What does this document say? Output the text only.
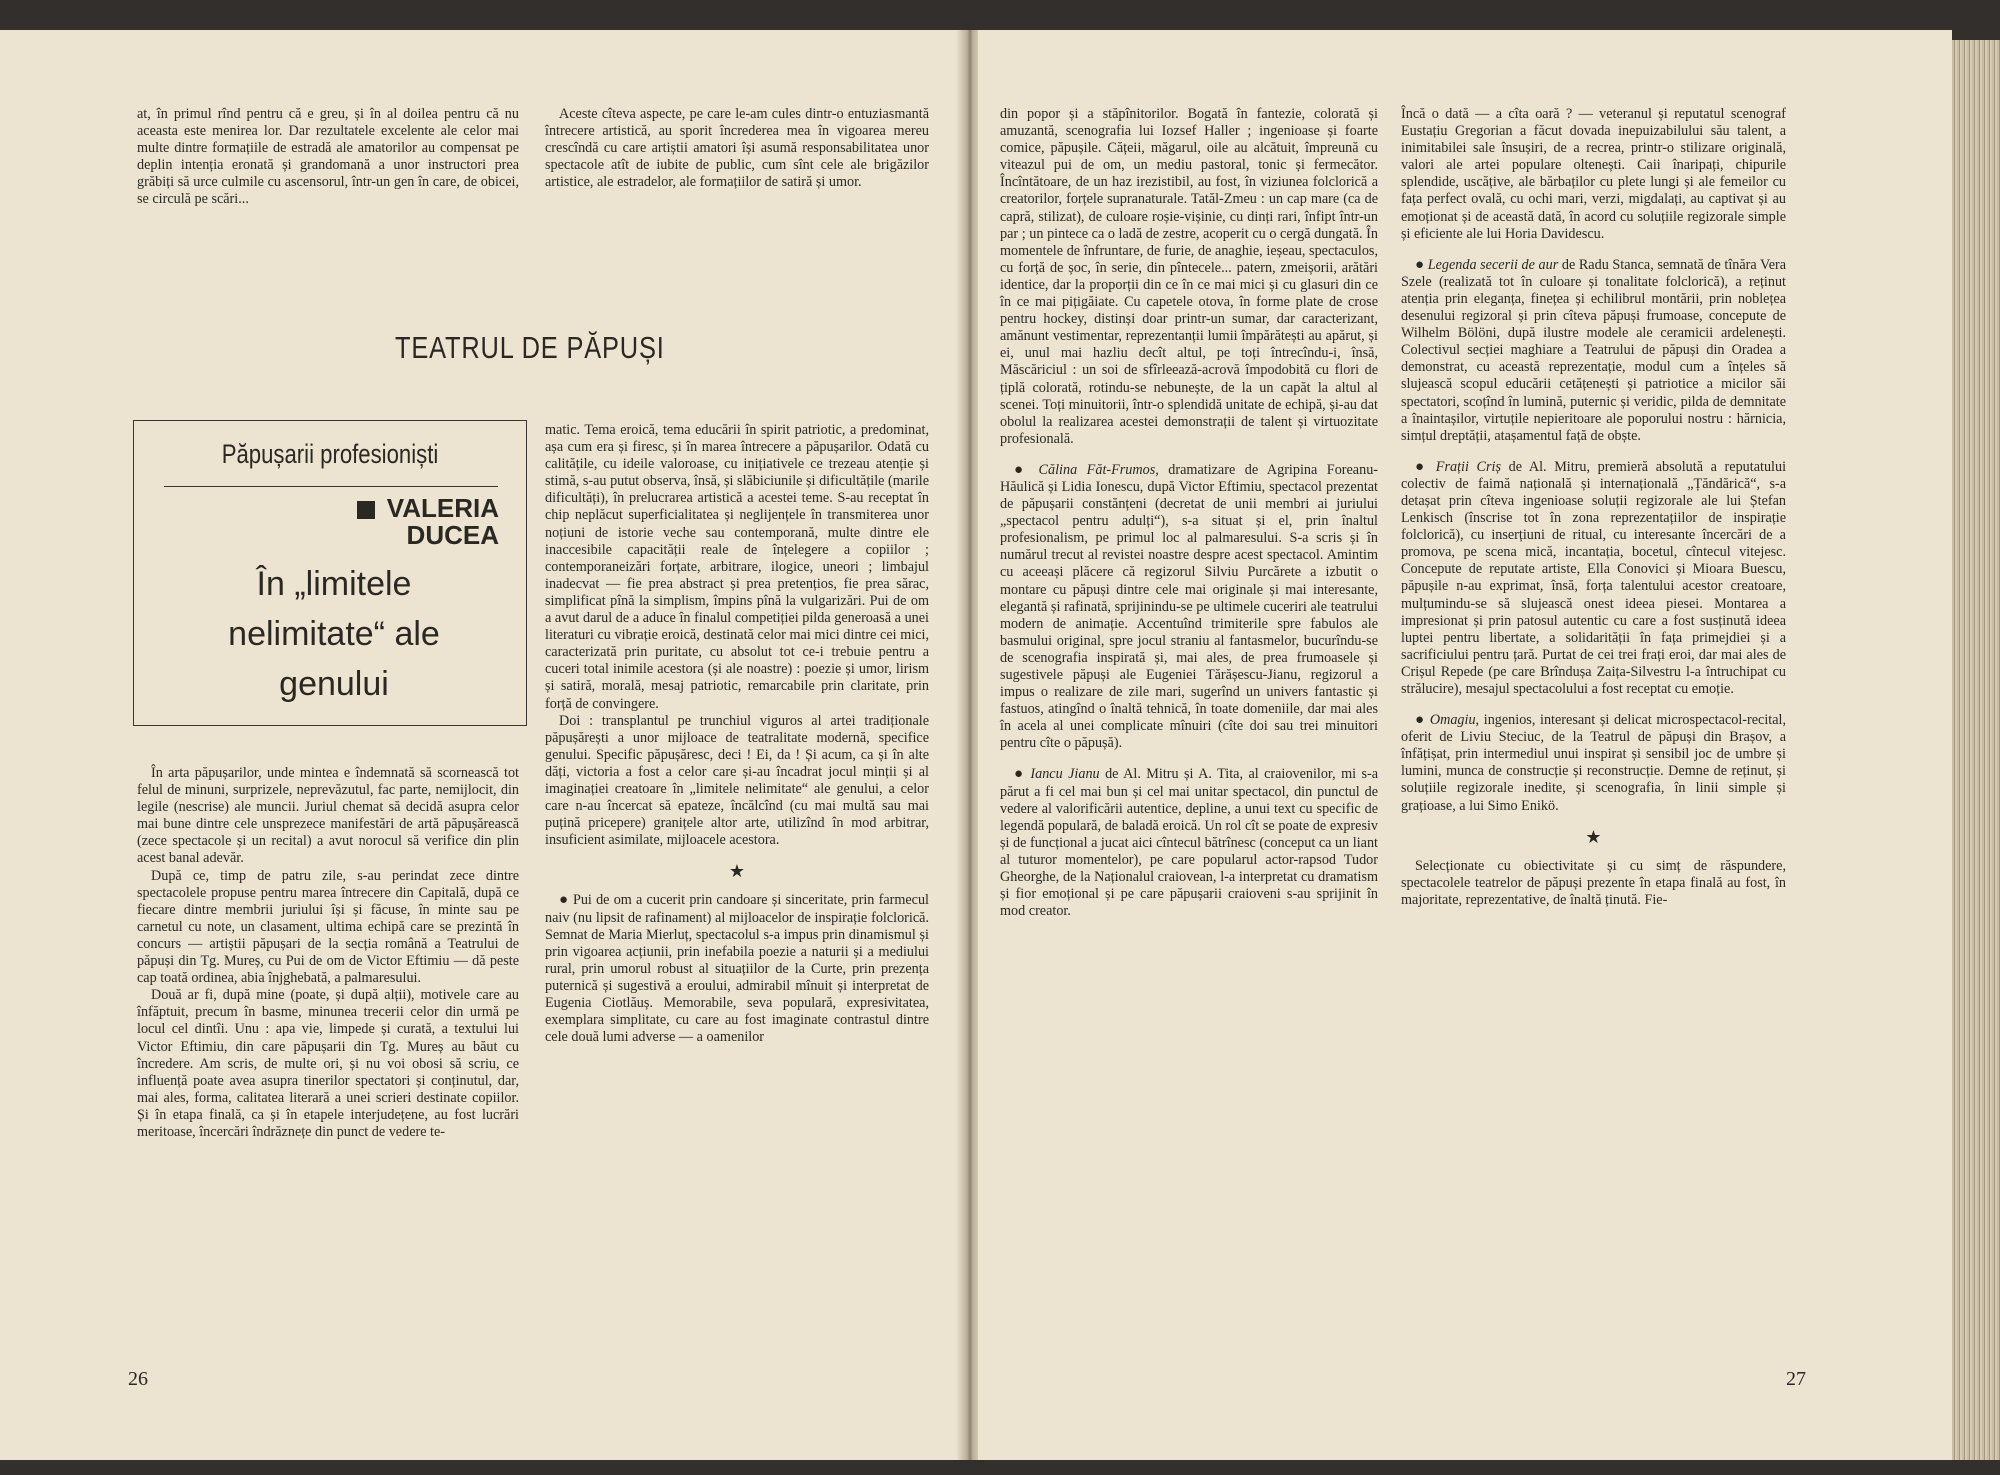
at, în primul rînd pentru că e greu, și în al doilea pentru că nu aceasta este menirea lor. Dar rezultatele excelente ale celor mai multe dintre formațiile de estradă ale amatorilor au compensat pe deplin intenția eronată și grandomană a unor instructori prea grăbiți să urce culmile cu ascensorul, într-un gen în care, de obicei, se circulă pe scări...

Aceste cîteva aspecte, pe care le-am cules dintr-o entuziasmantă întrecere artistică, au sporit încrederea mea în vigoarea mereu crescîndă cu care artiștii amatori își asumă responsabilitatea unor spectacole atît de iubite de public, cum sînt cele ale brigăzilor artistice, ale estradelor, ale formațiilor de satiră și umor.

TEATRUL DE PĂPUȘI
Păpușarii profesioniști
VALERIA DUCEA
În „limitele nelimitate“ ale genului

În arta păpușarilor, unde mintea e îndemnată să scornească tot felul de minuni, surprizele, neprevăzutul, fac parte, nemijlocit, din legile (nescrise) ale muncii. Juriul chemat să decidă asupra celor mai bune dintre cele unsprezece manifestări de artă păpușărească (zece spectacole și un recital) a avut norocul să verifice din plin acest banal adevăr.

După ce, timp de patru zile, s-au perindat zece dintre spectacolele propuse pentru marea întrecere din Capitală, după ce fiecare dintre membrii juriului își și făcuse, în minte sau pe carnetul cu note, un clasament, ultima echipă care se prezintă în concurs — artiștii păpușari de la secția română a Teatrului de păpuși din Tg. Mureș, cu Pui de om de Victor Eftimiu — dă peste cap toată ordinea, abia înjghebată, a palmaresului.

Două ar fi, după mine (poate, și după alții), motivele care au înfăptuit, precum în basme, minunea trecerii celor din urmă pe locul cel dintîi. Unu : apa vie, limpede și curată, a textului lui Victor Eftimiu, din care păpușarii din Tg. Mureș au băut cu încredere. Am scris, de multe ori, și nu voi obosi să scriu, ce influență poate avea asupra tinerilor spectatori și conținutul, dar, mai ales, forma, calitatea literară a unei scrieri destinate copiilor. Și în etapa finală, ca și în etapele interjudețene, au fost lucrări meritoase, încercări îndrăznețe din punct de vedere te-

matic. Tema eroică, tema educării în spirit patriotic, a predominat, așa cum era și firesc, și în marea întrecere a păpușarilor. Odată cu calitățile, cu ideile valoroase, cu inițiativele ce trezeau atenție și stimă, s-au putut observa, însă, și slăbiciunile și dificultățile (marile dificultăți), în prelucrarea artistică a acestei teme. S-au receptat în chip neplăcut superficialitatea și neglijențele în transmiterea unor noțiuni de istorie veche sau contemporană, multe dintre ele inaccesibile capacității reale de înțelegere a copiilor ; contemporaneizări forțate, arbitrare, ilogice, uneori ; limbajul inadecvat — fie prea abstract și prea pretențios, fie prea sărac, simplificat pînă la simplism, împins pînă la vulgarizări. Pui de om a avut darul de a aduce în finalul competiției pilda generoasă a unei literaturi cu vibrație eroică, destinată celor mai mici dintre cei mici, caracterizată prin puritate, cu absolut tot ce-i trebuie pentru a cuceri total inimile acestora (și ale noastre) : poezie și umor, lirism și satiră, morală, mesaj patriotic, remarcabile prin claritate, prin forță de convingere.

Doi : transplantul pe trunchiul viguros al artei tradiționale păpușărești a unor mijloace de teatralitate modernă, specifice genului. Specific păpușăresc, deci ! Ei, da ! Și acum, ca și în alte dăți, victoria a fost a celor care și-au încadrat jocul minții și al imaginației creatoare în „limitele nelimitate“ ale genului, a celor care n-au încercat să epateze, încălcînd (cu mai multă sau mai puțină pricepere) granițele altor arte, utilizînd în mod arbitrar, insuficient asimilate, mijloacele acestora.

★

● Pui de om a cucerit prin candoare și sinceritate, prin farmecul naiv (nu lipsit de rafinament) al mijloacelor de inspirație folclorică. Semnat de Maria Mierluț, spectacolul s-a impus prin dinamismul și prin vigoarea acțiunii, prin inefabila poezie a naturii și a mediului rural, prin umorul robust al situațiilor de la Curte, prin prezența puternică și sugestivă a eroului, admirabil mînuit și interpretat de Eugenia Ciotlăuș. Memorabile, seva populară, expresivitatea, exemplara simplitate, cu care au fost imaginate contrastul dintre cele două lumi adverse — a oamenilor

26

din popor și a stăpînitorilor. Bogată în fantezie, colorată și amuzantă, scenografia lui Iozsef Haller ; ingenioase și foarte comice, păpușile. Cățeii, măgarul, oile au alcătuit, împreună cu viteazul pui de om, un mediu pastoral, tonic și fermecător. Încîntătoare, de un haz irezistibil, au fost, în viziunea folclorică a creatorilor, forțele supranaturale. Tatăl-Zmeu : un cap mare (ca de capră, stilizat), de culoare roșie-vișinie, cu dinți rari, înfipt într-un par ; un pintece ca o ladă de zestre, acoperit cu o cergă dungată. În momentele de înfruntare, de furie, de anaghie, ieșeau, spectaculos, cu forță de șoc, în serie, din pîntecele... patern, zmeișorii, arătări identice, dar la proporții din ce în ce mai mici și cu glasuri din ce în ce mai pițigăiate. Cu capetele otova, în forme plate de crose pentru hockey, distinși doar printr-un sumar, dar caracterizant, amănunt vestimentar, reprezentanții lumii împărătești au apărut, și ei, unul mai hazliu decît altul, pe toți întrecîndu-i, însă, Măscăriciul : un soi de sfîrleează-acrovă împodobită cu flori de țiplă colorată, rotindu-se nebunește, de la un capăt la altul al scenei. Toți minuitorii, într-o splendidă unitate de echipă, și-au dat obolul la realizarea acestei demonstrații de talent și virtuozitate profesională.

● Călina Făt-Frumos, dramatizare de Agripina Foreanu-Hăulică și Lidia Ionescu, după Victor Eftimiu, spectacol prezentat de păpușarii constănțeni (decretat de unii membri ai juriului „spectacol pentru adulți“), s-a situat și el, prin înaltul profesionalism, pe primul loc al palmaresului. S-a scris și în numărul trecut al revistei noastre despre acest spectacol. Amintim cu aceeași plăcere că regizorul Silviu Purcărete a izbutit o montare cu păpuși dintre cele mai originale și mai interesante, elegantă și rafinată, sprijinindu-se pe ultimele cuceriri ale teatrului modern de animație. Accentuînd trimiterile spre fabulos ale basmului original, spre jocul straniu al fantasmelor, bucurîndu-se de scenografia inspirată și, mai ales, de prea frumoasele și sugestivele păpuși ale Eugeniei Tărășescu-Jianu, regizorul a impus o realizare de zile mari, sugerînd un univers fantastic și fastuos, atingînd o înaltă tehnică, în toate domeniile, dar mai ales în acela al unei complicate mînuiri (cîte doi sau trei minuitori pentru cîte o păpușă).

● Iancu Jianu de Al. Mitru și A. Tita, al craiovenilor, mi s-a părut a fi cel mai bun și cel mai unitar spectacol, din punctul de vedere al valorificării autentice, depline, a unui text cu specific de legendă populară, de baladă eroică. Un rol cît se poate de expresiv și de funcțional a jucat aici cîntecul bătrînesc (conceput ca un liant al tuturor momentelor), pe care popularul actor-rapsod Tudor Gheorghe, de la Naționalul craiovean, l-a interpretat cu dramatism și fior emoțional și pe care păpușarii craioveni s-au sprijinit în mod creator.

Încă o dată — a cîta oară ? — veteranul și reputatul scenograf Eustațiu Gregorian a făcut dovada inepuizabilului său talent, a inimitabilei sale însușiri, de a recrea, printr-o stilizare originală, valori ale artei populare oltenești. Caii înaripați, chipurile splendide, uscățive, ale bărbaților cu plete lungi și ale femeilor cu fața perfect ovală, cu ochi mari, verzi, migdalați, au captivat și au emoționat și de această dată, în acord cu soluțiile regizorale simple și eficiente ale lui Horia Davidescu.

● Legenda secerii de aur de Radu Stanca, semnată de tînăra Vera Szele (realizată tot în culoare și tonalitate folclorică), a reținut atenția prin eleganța, finețea și echilibrul montării, prin noblețea desenului regizoral și prin cîteva păpuși frumoase, concepute de Wilhelm Bölöni, după ilustre modele ale ceramicii ardelenești. Colectivul secției maghiare a Teatrului de păpuși din Oradea a demonstrat, cu această reprezentație, modul cum a înțeles să slujească scopul educării cetățenești și patriotice a micilor săi spectatori, scoțînd în lumină, puternic și veridic, pilda de demnitate a înaintașilor, virtuțile nepieritoare ale poporului nostru : hărnicia, simțul dreptății, atașamentul față de obște.

● Frații Criș de Al. Mitru, premieră absolută a reputatului colectiv de faimă națională și internațională „Țăndărică“, s-a detașat prin cîteva ingenioase soluții regizorale ale lui Ștefan Lenkisch (înscrise tot în zona reprezentațiilor de inspirație folclorică), cu inserțiuni de ritual, cu interesante încercări de a promova, pe scena mică, incantația, bocetul, cîntecul vitejesc. Concepute de reputate artiste, Ella Conovici și Mioara Buescu, păpușile n-au exprimat, însă, forța talentului acestor creatoare, mulțumindu-se să slujească onest ideea piesei. Montarea a impresionat și prin patosul autentic cu care a fost susținută ideea luptei pentru libertate, a solidarității în fața primejdiei și a sacrificiului pentru țară. Purtat de cei trei frați eroi, dar mai ales de Crișul Repede (pe care Brîndușa Zaița-Silvestru l-a întruchipat cu strălucire), mesajul spectacolului a fost receptat cu emoție.

● Omagiu, ingenios, interesant și delicat microspectacol-recital, oferit de Liviu Steciuc, de la Teatrul de păpuși din Brașov, a înfățișat, prin intermediul unui inspirat și sensibil joc de umbre și lumini, munca de construcție și reconstrucție. Demne de reținut, și soluțiile regizorale inedite, și scenografia, în linii simple și grațioase, a lui Simo Enikö.

★

Selecționate cu obiectivitate și cu simț de răspundere, spectacolele teatrelor de păpuși prezente în etapa finală au fost, în majoritate, reprezentative, de înaltă ținută. Fie-

27
